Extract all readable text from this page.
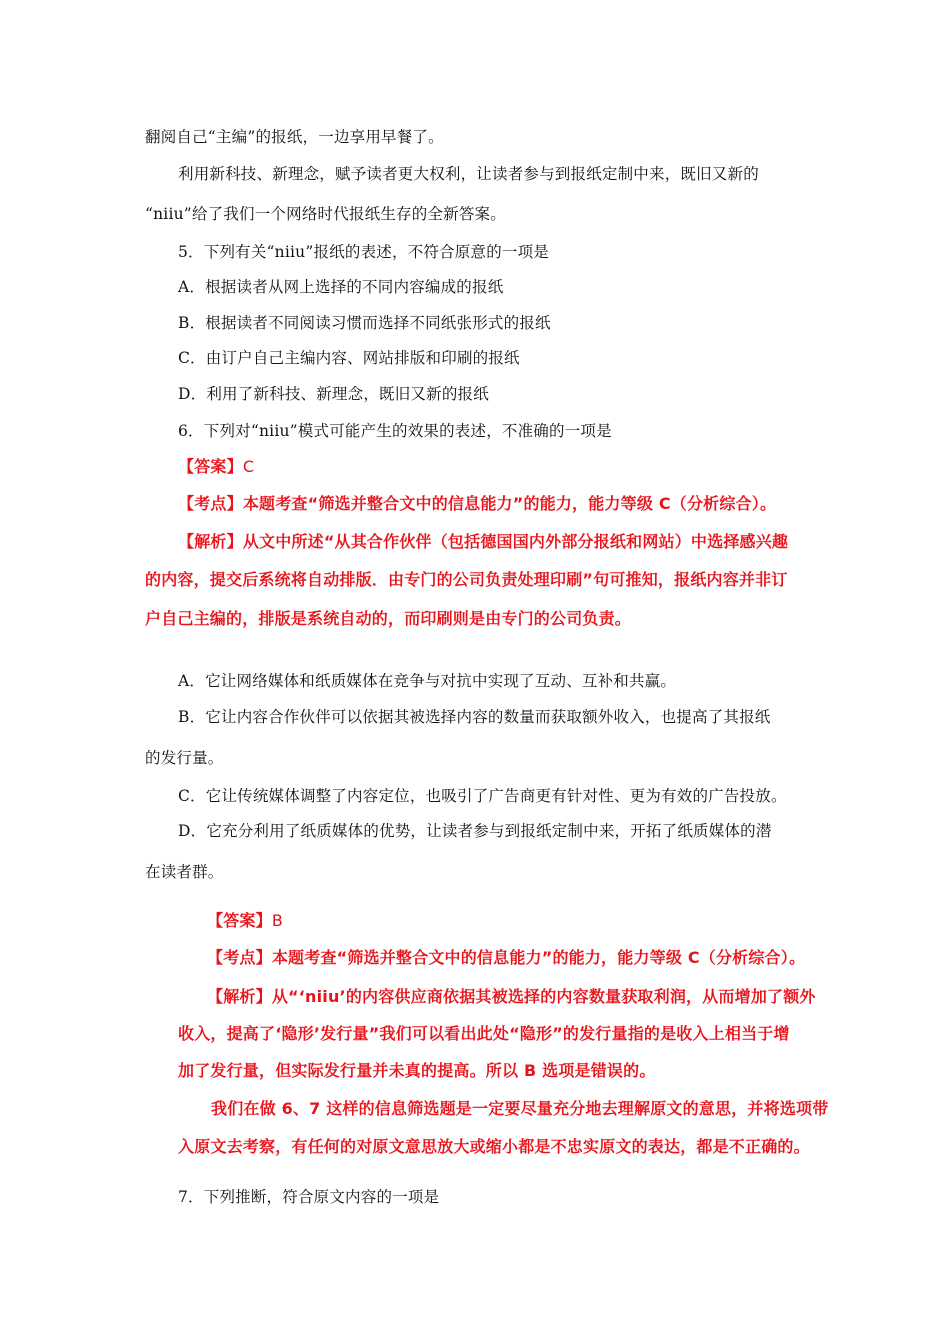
翻阅自己“主编”的报纸，一边享用早餐了。
利用新科技、新理念，赋予读者更大权利，让读者参与到报纸定制中来，既旧又新的
“niiu”给了我们一个网络时代报纸生存的全新答案。
5．下列有关“niiu”报纸的表述，不符合原意的一项是
A．根据读者从网上选择的不同内容编成的报纸
B．根据读者不同阅读习惯而选择不同纸张形式的报纸
C．由订户自己主编内容、网站排版和印刷的报纸
D．利用了新科技、新理念，既旧又新的报纸
6．下列对“niiu”模式可能产生的效果的表述，不准确的一项是
【答案】C
【考点】本题考查“筛选并整合文中的信息能力”的能力，能力等级 C（分析综合）。
【解析】从文中所述“从其合作伙伴（包括德国国内外部分报纸和网站）中选择感兴趣
的内容，提交后系统将自动排版．由专门的公司负责处理印刷”句可推知，报纸内容并非订
户自己主编的，排版是系统自动的，而印刷则是由专门的公司负责。
A．它让网络媒体和纸质媒体在竞争与对抗中实现了互动、互补和共赢。
B．它让内容合作伙伴可以依据其被选择内容的数量而获取额外收入，也提高了其报纸
的发行量。
C．它让传统媒体调整了内容定位，也吸引了广告商更有针对性、更为有效的广告投放。
D．它充分利用了纸质媒体的优势，让读者参与到报纸定制中来，开拓了纸质媒体的潜
在读者群。
【答案】B
【考点】本题考查“筛选并整合文中的信息能力”的能力，能力等级 C（分析综合）。
【解析】从“‘niiu’的内容供应商依据其被选择的内容数量获取利润，从而增加了额外
收入，提高了‘隐形’发行量”我们可以看出此处“隐形”的发行量指的是收入上相当于增
加了发行量，但实际发行量并未真的提高。所以 B 选项是错误的。
我们在做 6、7 这样的信息筛选题是一定要尽量充分地去理解原文的意思，并将选项带
入原文去考察，有任何的对原文意思放大或缩小都是不忠实原文的表达，都是不正确的。
7．下列推断，符合原文内容的一项是
